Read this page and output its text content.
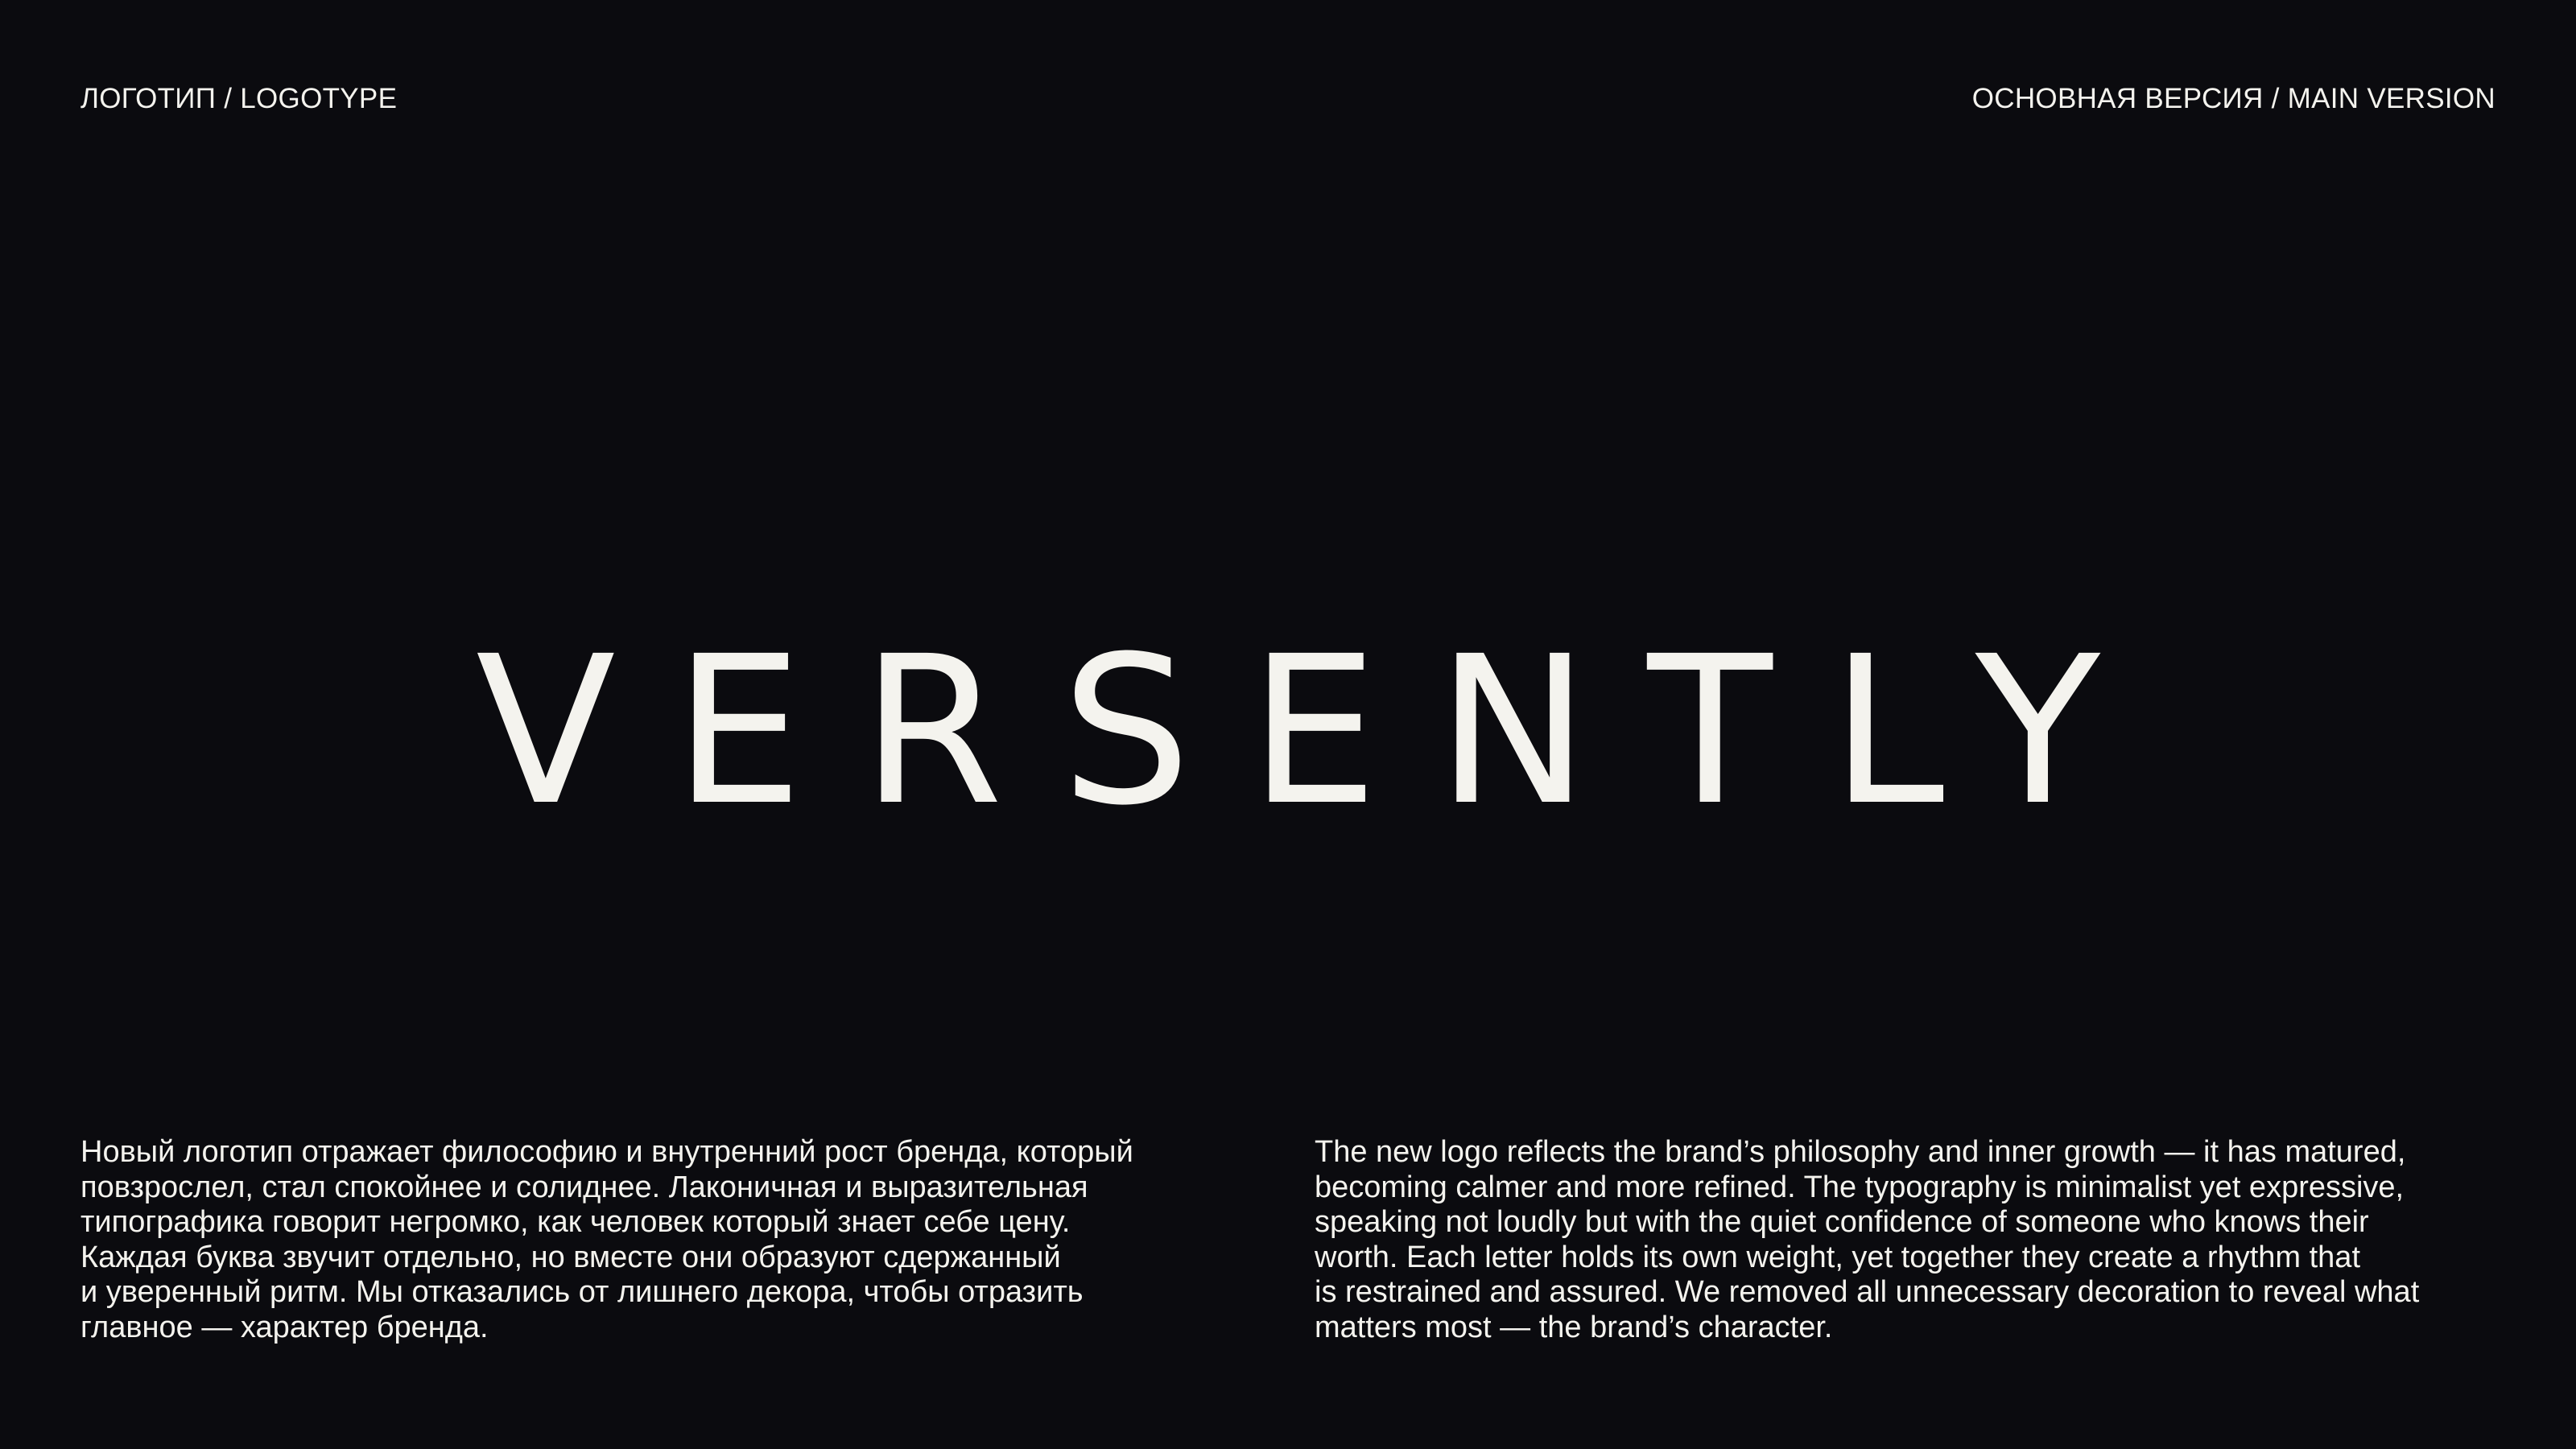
ЛОГОТИП / LOGOTYPE	ОСНОВНАЯ ВЕРСИЯ / MAIN VERSION
VERSENTLY
Новый логотип отражает философию и внутренний рост бренда, который
повзрослел, стал спокойнее и солиднее. Лаконичная и выразительная
типографика говорит негромко, как человек который знает себе цену.
Каждая буква звучит отдельно, но вместе они образуют сдержанный
и уверенный ритм. Мы отказались от лишнего декора, чтобы отразить
главное — характер бренда.
The new logo reflects the brand’s philosophy and inner growth — it has matured,
becoming calmer and more refined. The typography is minimalist yet expressive,
speaking not loudly but with the quiet confidence of someone who knows their
worth. Each letter holds its own weight, yet together they create a rhythm that
is restrained and assured. We removed all unnecessary decoration to reveal what
matters most — the brand’s character.
